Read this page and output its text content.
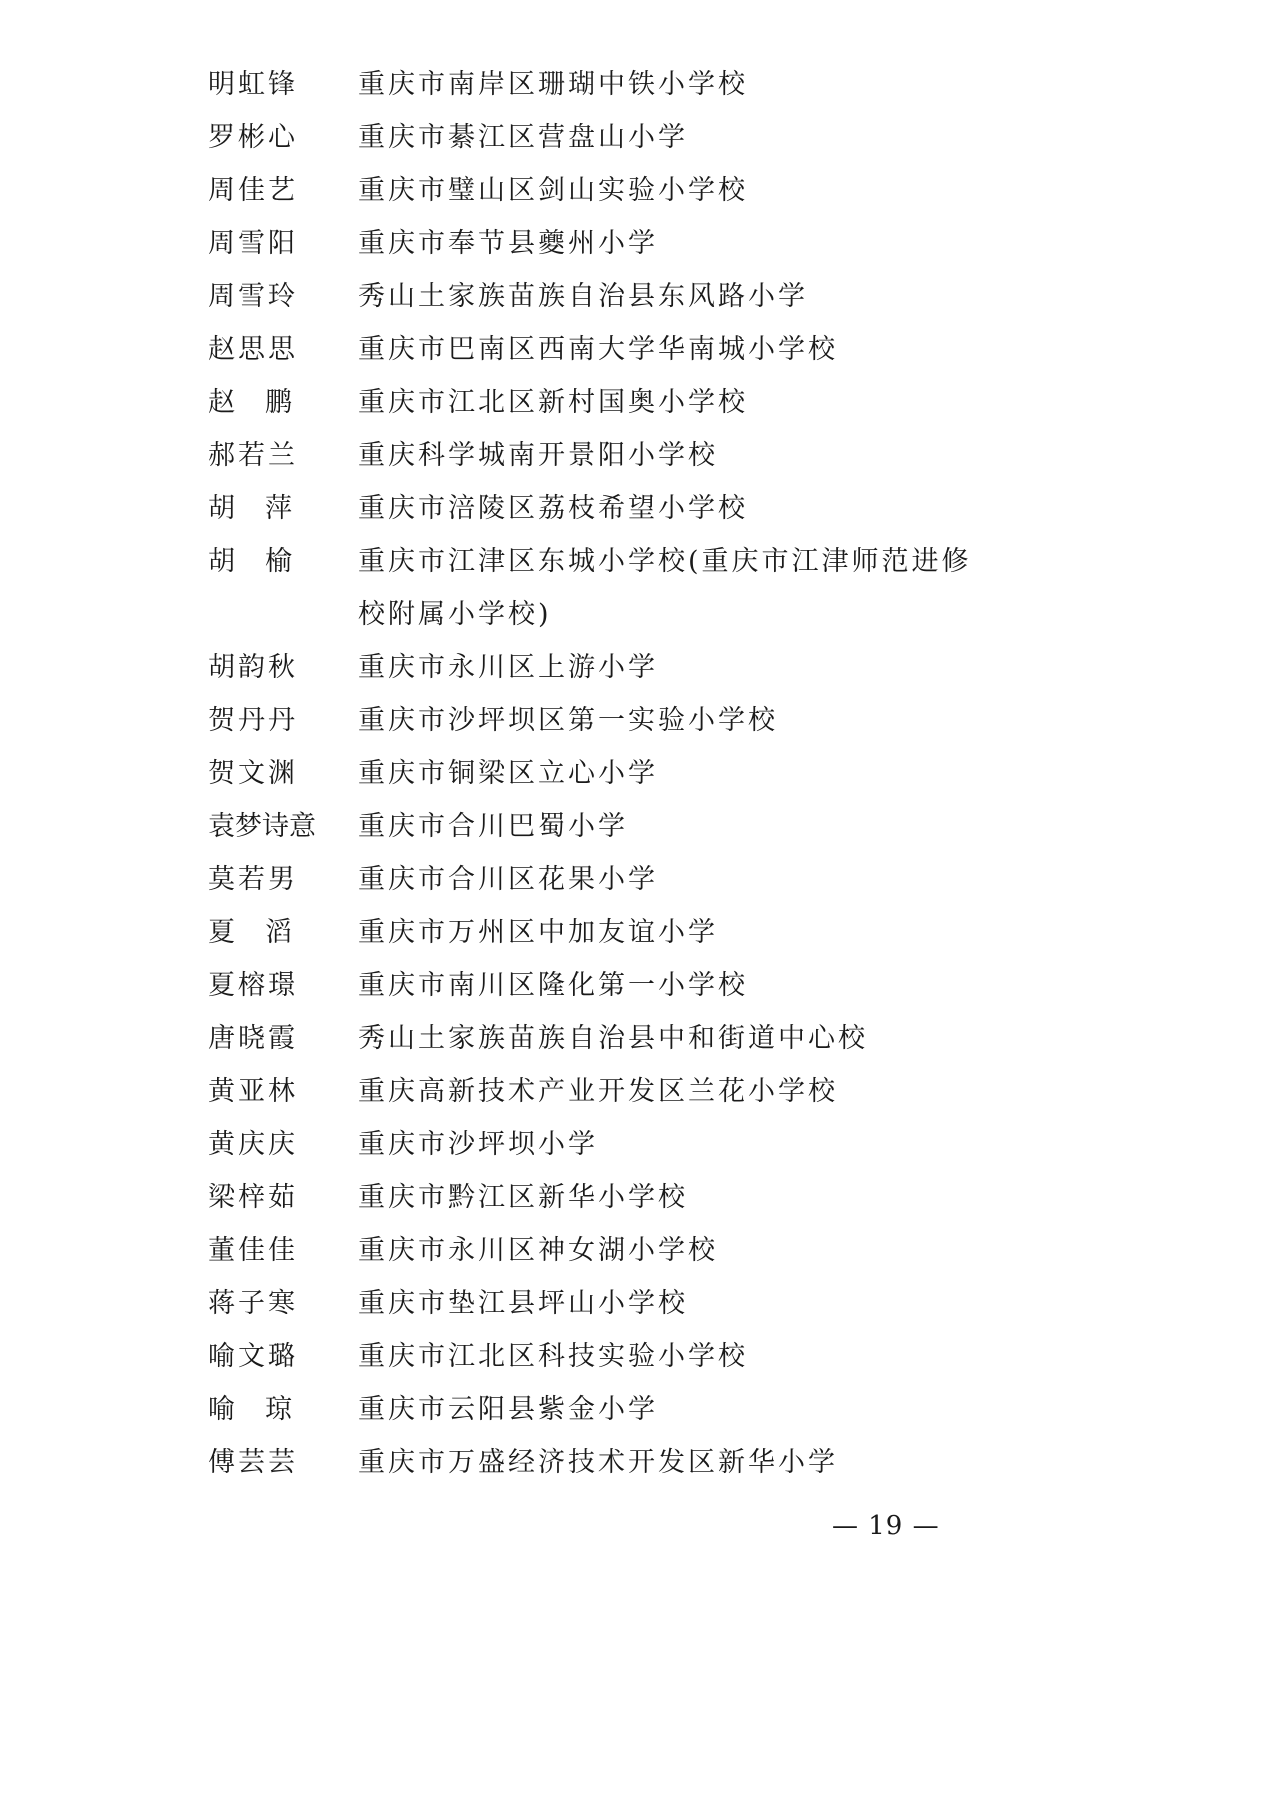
明虹锋	重庆市南岸区珊瑚中铁小学校
罗彬心	重庆市綦江区营盘山小学
周佳艺	重庆市璧山区剑山实验小学校
周雪阳	重庆市奉节县夔州小学
周雪玲	秀山土家族苗族自治县东风路小学
赵思思	重庆市巴南区西南大学华南城小学校
赵 鹏	重庆市江北区新村国奥小学校
郝若兰	重庆科学城南开景阳小学校
胡 萍	重庆市涪陵区荔枝希望小学校
胡 榆	重庆市江津区东城小学校(重庆市江津师范进修
校附属小学校)
胡韵秋	重庆市永川区上游小学
贺丹丹	重庆市沙坪坝区第一实验小学校
贺文渊	重庆市铜梁区立心小学
袁梦诗意	重庆市合川巴蜀小学
莫若男	重庆市合川区花果小学
夏 滔	重庆市万州区中加友谊小学
夏榕璟	重庆市南川区隆化第一小学校
唐晓霞	秀山土家族苗族自治县中和街道中心校
黄亚林	重庆高新技术产业开发区兰花小学校
黄庆庆	重庆市沙坪坝小学
梁梓茹	重庆市黔江区新华小学校
董佳佳	重庆市永川区神女湖小学校
蒋子寒	重庆市垫江县坪山小学校
喻文璐	重庆市江北区科技实验小学校
喻 琼	重庆市云阳县紫金小学
傅芸芸	重庆市万盛经济技术开发区新华小学
— 19 —
